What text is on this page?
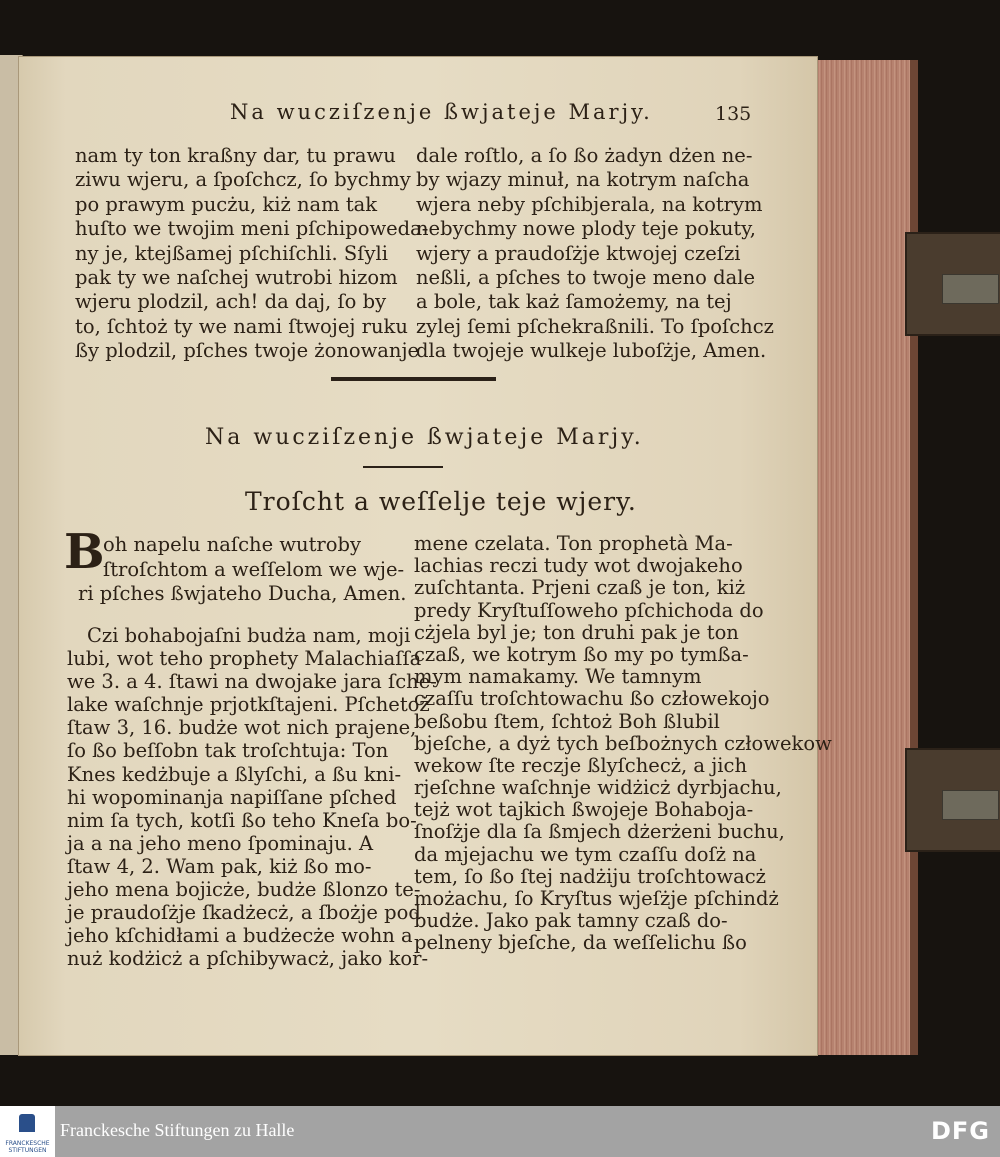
Na wucziſzenje ßwjateje Marjy.	135
nam ty ton kraßny dar, tu prawu
ziwu wjeru, a ſpoſchcz, ſo bychmy
po prawym pucżu, kiż nam tak
huſto we twojim meni pſchipoweda-
ny je, ktejßamej pſchiſchli. Sſyli
pak ty we naſchej wutrobi hizom
wjeru plodzil, ach! da daj, ſo by
to, ſchtoż ty we nami ſtwojej ruku
ßy plodzil, pſches twoje żonowanje
dale roſtlo, a ſo ßo żadyn dżen ne-
by wjazy minuł, na kotrym naſcha
wjera neby pſchibjerala, na kotrym
nebychmy nowe plody teje pokuty,
wjery a praudoſżje ktwojej czeſzi
neßli, a pſches to twoje meno dale
a bole, tak każ ſamożemy, na tej
zylej ſemi pſchekraßnili. To ſpoſchcz
dla twojeje wulkeje luboſżje, Amen.
Na wucziſzenje ßwjateje Marjy.
Troſcht a weſſelje teje wjery.
B
oh napelu naſche wutroby
ſtroſchtom a weſſelom we wje-
ri pſches ßwjateho Ducha, Amen.
Czi bohabojaſni budża nam, moji
lubi, wot teho prophety Malachiaſſa
we 3. a 4. ſtawi na dwojake jara ſche-
lake waſchnje prjotkſtajeni. Pſchetoż
ſtaw 3, 16. budże wot nich prajene,
ſo ßo beſſobn tak troſchtuja: Ton
Knes kedżbuje a ßlyſchi, a ßu kni-
hi wopominanja napiſſane pſched
nim ſa tych, kotſi ßo teho Kneſa bo-
ja a na jeho meno ſpominaju. A
ſtaw 4, 2. Wam pak, kiż ßo mo-
jeho mena bojicże, budże ßlonzo te-
je praudoſżje ſkadżecż, a ſbożje pod
jeho kſchidłami a budżecże wohn a
nuż kodżicż a pſchibywacż, jako kor-
mene czelata. Ton prophetà Ma-
lachias reczi tudy wot dwojakeho
zuſchtanta. Prjeni czaß je ton, kiż
predy Kryſtuſſoweho pſchichoda do
cżjela byl je; ton druhi pak je ton
czaß, we kotrym ßo my po tymßa-
mym namakamy. We tamnym
czaſſu troſchtowachu ßo człowekojo
beßobu ſtem, ſchtoż Boh ßlubil
bjeſche, a dyż tych beſbożnych człowekow
wekow ſte reczje ßlyſchecż, a jich
rjeſchne waſchnje widżicż dyrbjachu,
tejż wot tajkich ßwojeje Bohaboja-
ſnoſżje dla ſa ßmjech dżerżeni buchu,
da mjejachu we tym czaſſu doſż na
tem, ſo ßo ſtej nadżiju troſchtowacż
możachu, ſo Kryſtus wjeſżje pſchindż
budże. Jako pak tamny czaß do-
pelneny bjeſche, da weſſelichu ßo
FRANCKESCHE STIFTUNGEN
Franckesche Stiftungen zu Halle	DFG
